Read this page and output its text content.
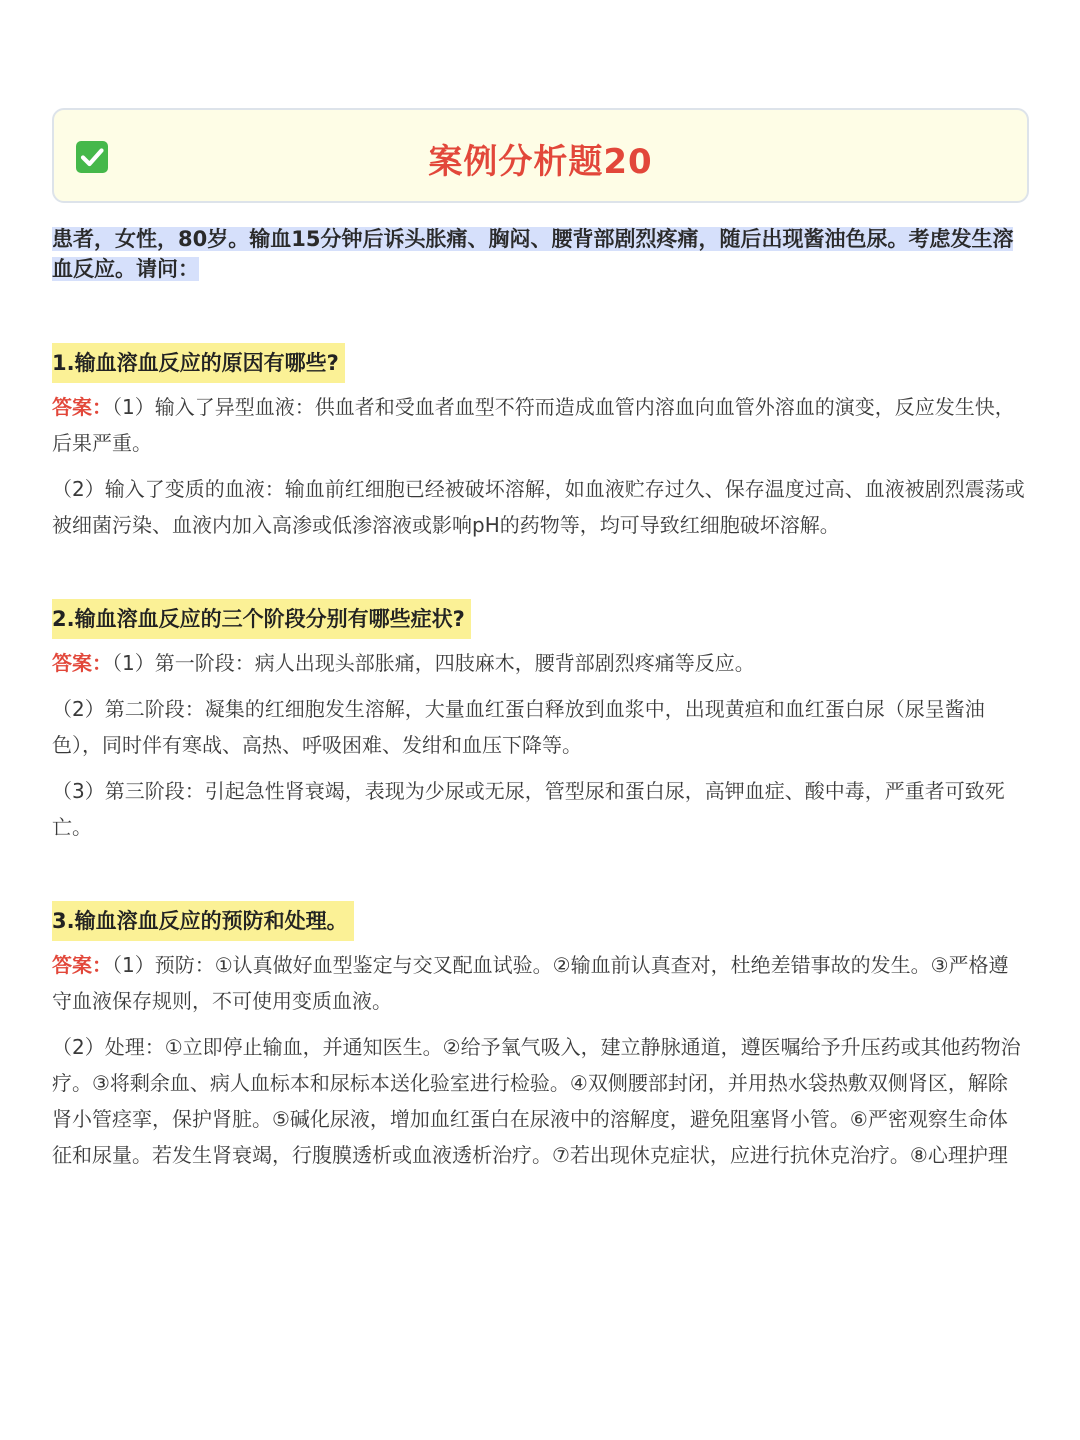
案例分析题20
患者，女性，80岁。输血15分钟后诉头胀痛、胸闷、腰背部剧烈疼痛，随后出现酱油色尿。考虑发生溶血反应。请问：
1.输血溶血反应的原因有哪些?

答案：（1）输入了异型血液：供血者和受血者血型不符而造成血管内溶血向血管外溶血的演变，反应发生快，后果严重。

（2）输入了变质的血液：输血前红细胞已经被破坏溶解，如血液贮存过久、保存温度过高、血液被剧烈震荡或被细菌污染、血液内加入高渗或低渗溶液或影响pH的药物等，均可导致红细胞破坏溶解。

2.输血溶血反应的三个阶段分别有哪些症状?

答案：（1）第一阶段：病人出现头部胀痛，四肢麻木，腰背部剧烈疼痛等反应。

（2）第二阶段：凝集的红细胞发生溶解，大量血红蛋白释放到血浆中，出现黄疸和血红蛋白尿（尿呈酱油色），同时伴有寒战、高热、呼吸困难、发绀和血压下降等。

（3）第三阶段：引起急性肾衰竭，表现为少尿或无尿，管型尿和蛋白尿，高钾血症、酸中毒，严重者可致死亡。

3.输血溶血反应的预防和处理。

答案：（1）预防：①认真做好血型鉴定与交叉配血试验。②输血前认真查对，杜绝差错事故的发生。③严格遵守血液保存规则，不可使用变质血液。

（2）处理：①立即停止输血，并通知医生。②给予氧气吸入，建立静脉通道，遵医嘱给予升压药或其他药物治疗。③将剩余血、病人血标本和尿标本送化验室进行检验。④双侧腰部封闭，并用热水袋热敷双侧肾区，解除肾小管痉挛，保护肾脏。⑤碱化尿液，增加血红蛋白在尿液中的溶解度，避免阻塞肾小管。⑥严密观察生命体征和尿量。若发生肾衰竭，行腹膜透析或血液透析治疗。⑦若出现休克症状，应进行抗休克治疗。⑧心理护理
